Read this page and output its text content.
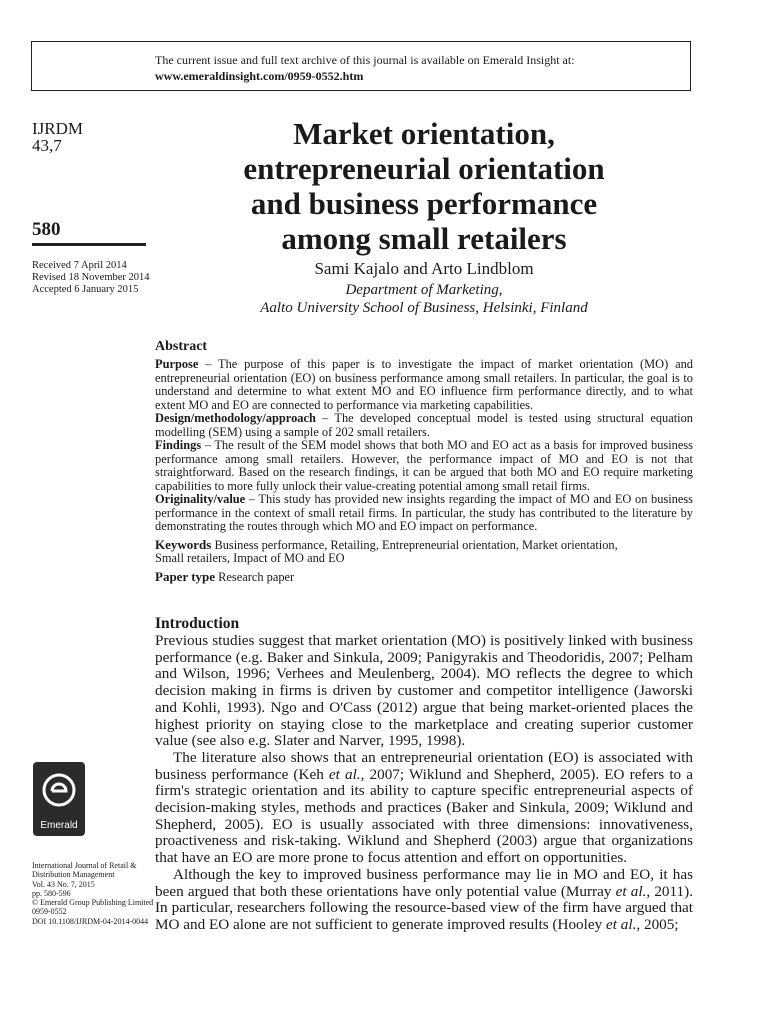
The current issue and full text archive of this journal is available on Emerald Insight at:
www.emeraldinsight.com/0959-0552.htm
IJRDM
43,7
580
Received 7 April 2014
Revised 18 November 2014
Accepted 6 January 2015
Market orientation,
entrepreneurial orientation
and business performance
among small retailers
Sami Kajalo and Arto Lindblom
Department of Marketing,
Aalto University School of Business, Helsinki, Finland
Abstract

Purpose – The purpose of this paper is to investigate the impact of market orientation (MO) and entrepreneurial orientation (EO) on business performance among small retailers. In particular, the goal is to understand and determine to what extent MO and EO influence firm performance directly, and to what extent MO and EO are connected to performance via marketing capabilities.

Design/methodology/approach – The developed conceptual model is tested using structural equation modelling (SEM) using a sample of 202 small retailers.

Findings – The result of the SEM model shows that both MO and EO act as a basis for improved business performance among small retailers. However, the performance impact of MO and EO is not that straightforward. Based on the research findings, it can be argued that both MO and EO require marketing capabilities to more fully unlock their value-creating potential among small retail firms.

Originality/value – This study has provided new insights regarding the impact of MO and EO on business performance in the context of small retail firms. In particular, the study has contributed to the literature by demonstrating the routes through which MO and EO impact on performance.

Keywords Business performance, Retailing, Entrepreneurial orientation, Market orientation,
Small retailers, Impact of MO and EO

Paper type Research paper

Introduction

Previous studies suggest that market orientation (MO) is positively linked with business performance (e.g. Baker and Sinkula, 2009; Panigyrakis and Theodoridis, 2007; Pelham and Wilson, 1996; Verhees and Meulenberg, 2004). MO reflects the degree to which decision making in firms is driven by customer and competitor intelligence (Jaworski and Kohli, 1993). Ngo and O'Cass (2012) argue that being market-oriented places the highest priority on staying close to the marketplace and creating superior customer value (see also e.g. Slater and Narver, 1995, 1998).

The literature also shows that an entrepreneurial orientation (EO) is associated with business performance (Keh et al., 2007; Wiklund and Shepherd, 2005). EO refers to a firm's strategic orientation and its ability to capture specific entrepreneurial aspects of decision-making styles, methods and practices (Baker and Sinkula, 2009; Wiklund and Shepherd, 2005). EO is usually associated with three dimensions: innovativeness, proactiveness and risk-taking. Wiklund and Shepherd (2003) argue that organizations that have an EO are more prone to focus attention and effort on opportunities.

Although the key to improved business performance may lie in MO and EO, it has been argued that both these orientations have only potential value (Murray et al., 2011). In particular, researchers following the resource-based view of the firm have argued that MO and EO alone are not sufficient to generate improved results (Hooley et al., 2005;

Emerald
International Journal of Retail &
Distribution Management
Vol. 43 No. 7, 2015
pp. 580-596
© Emerald Group Publishing Limited
0959-0552
DOI 10.1108/IJRDM-04-2014-0044
